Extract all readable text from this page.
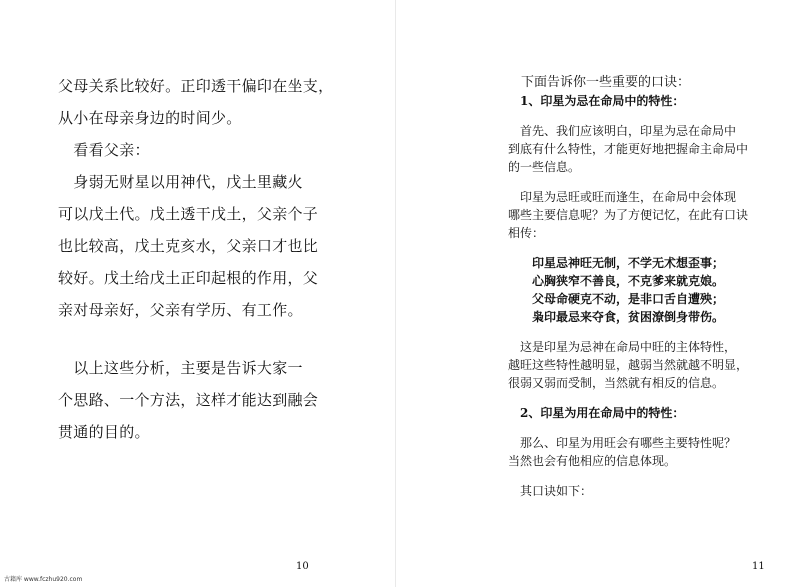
父母关系比较好。正印透干偏印在坐支，
从小在母亲身边的时间少。
　看看父亲：
　身弱无财星以用神代，戊土里藏火
可以戊土代。戊土透干戊土，父亲个子
也比较高，戊土克亥水，父亲口才也比
较好。戊土给戊土正印起根的作用，父
亲对母亲好，父亲有学历、有工作。
　以上这些分析，主要是告诉大家一
个思路、一个方法，这样才能达到融会
贯通的目的。
10
　下面告诉你一些重要的口诀：
　1、印星为忌在命局中的特性：
　首先、我们应该明白，印星为忌在命局中
到底有什么特性，才能更好地把握命主命局中
的一些信息。
　印星为忌旺或旺而逢生，在命局中会体现
哪些主要信息呢？为了方便记忆，在此有口诀
相传：
　　印星忌神旺无制，不学无术想歪事；
　　心胸狭窄不善良，不克爹来就克娘。
　　父母命硬克不动，是非口舌自遭殃；
　　枭印最忌来夺食，贫困潦倒身带伤。
　这是印星为忌神在命局中旺的主体特性，
越旺这些特性越明显，越弱当然就越不明显，
很弱又弱而受制，当然就有相反的信息。
　2、印星为用在命局中的特性：
　那么、印星为用旺会有哪些主要特性呢？
当然也会有他相应的信息体现。
　其口诀如下：
11
古籍库 www.fczhu920.com
